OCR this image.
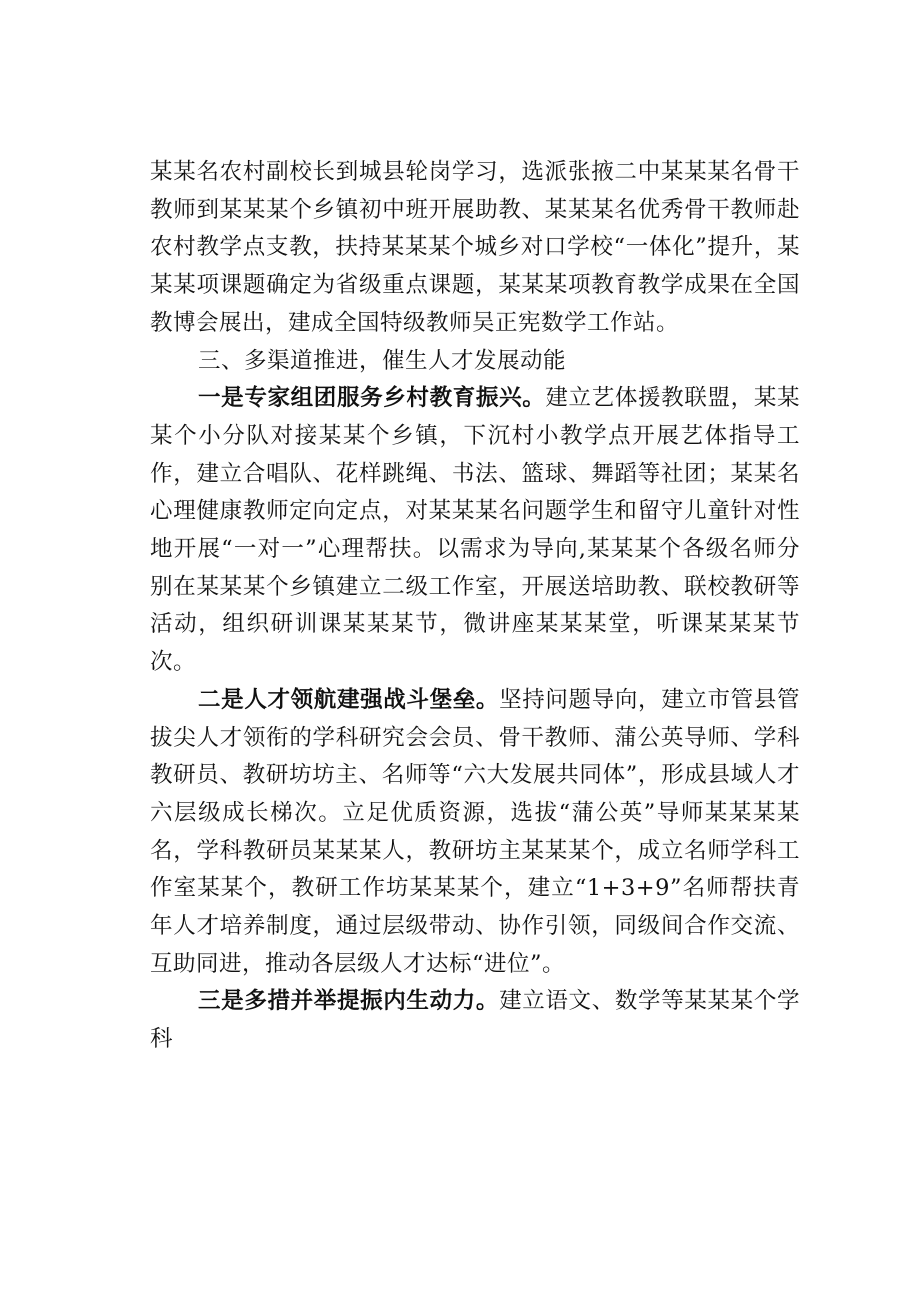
某某名农村副校长到城县轮岗学习，选派张掖二中某某某名骨干教师到某某某个乡镇初中班开展助教、某某某名优秀骨干教师赴农村教学点支教，扶持某某某个城乡对口学校“一体化”提升，某某某项课题确定为省级重点课题，某某某项教育教学成果在全国教博会展出，建成全国特级教师吴正宪数学工作站。

三、多渠道推进，催生人才发展动能

一是专家组团服务乡村教育振兴。建立艺体援教联盟，某某某个小分队对接某某个乡镇，下沉村小教学点开展艺体指导工作，建立合唱队、花样跳绳、书法、篮球、舞蹈等社团；某某名心理健康教师定向定点，对某某某名问题学生和留守儿童针对性地开展“一对一”心理帮扶。以需求为导向,某某某个各级名师分别在某某某个乡镇建立二级工作室，开展送培助教、联校教研等活动，组织研训课某某某节，微讲座某某某堂，听课某某某节次。

二是人才领航建强战斗堡垒。坚持问题导向，建立市管县管拔尖人才领衔的学科研究会会员、骨干教师、蒲公英导师、学科教研员、教研坊坊主、名师等“六大发展共同体”，形成县域人才六层级成长梯次。立足优质资源，选拔“蒲公英”导师某某某某名，学科教研员某某某人，教研坊主某某某个，成立名师学科工作室某某个，教研工作坊某某某个，建立“1+3+9”名师帮扶青年人才培养制度，通过层级带动、协作引领，同级间合作交流、互助同进，推动各层级人才达标“进位”。

三是多措并举提振内生动力。建立语文、数学等某某某个学科
